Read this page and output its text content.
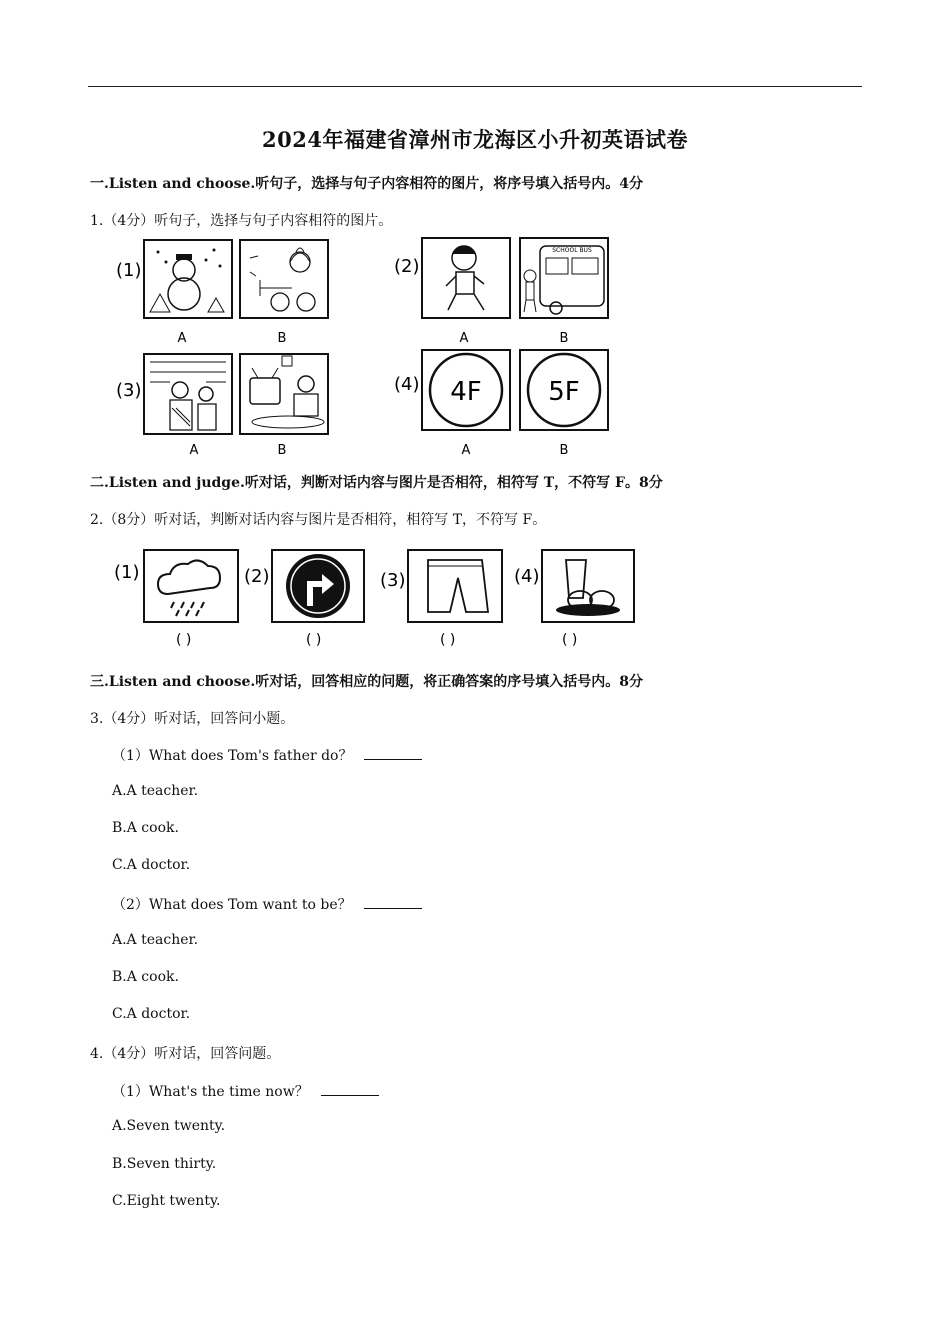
2024年福建省漳州市龙海区小升初英语试卷
一.Listen and choose.听句子，选择与句子内容相符的图片，将序号填入括号内。4分
1.（4分）听句子，选择与句子内容相符的图片。
(1)
A	B
(2)
A
SCHOOL BUS
B
(3)
A	B
(4) 4F
A
5F
B
二.Listen and judge.听对话，判断对话内容与图片是否相符，相符写 T，不符写 F。8分
2.（8分）听对话，判断对话内容与图片是否相符，相符写 T，不符写 F。
(1)
( )
(2)
( )
(3)
( )
(4)
( )
三.Listen and choose.听对话，回答相应的问题，将正确答案的序号填入括号内。8分
3.（4分）听对话，回答问小题。
（1）What does Tom's father do？
A.A teacher.
B.A cook.
C.A doctor.
（2）What does Tom want to be？
A.A teacher.
B.A cook.
C.A doctor.
4.（4分）听对话，回答问题。
（1）What's the time now？
A.Seven twenty.
B.Seven thirty.
C.Eight twenty.
